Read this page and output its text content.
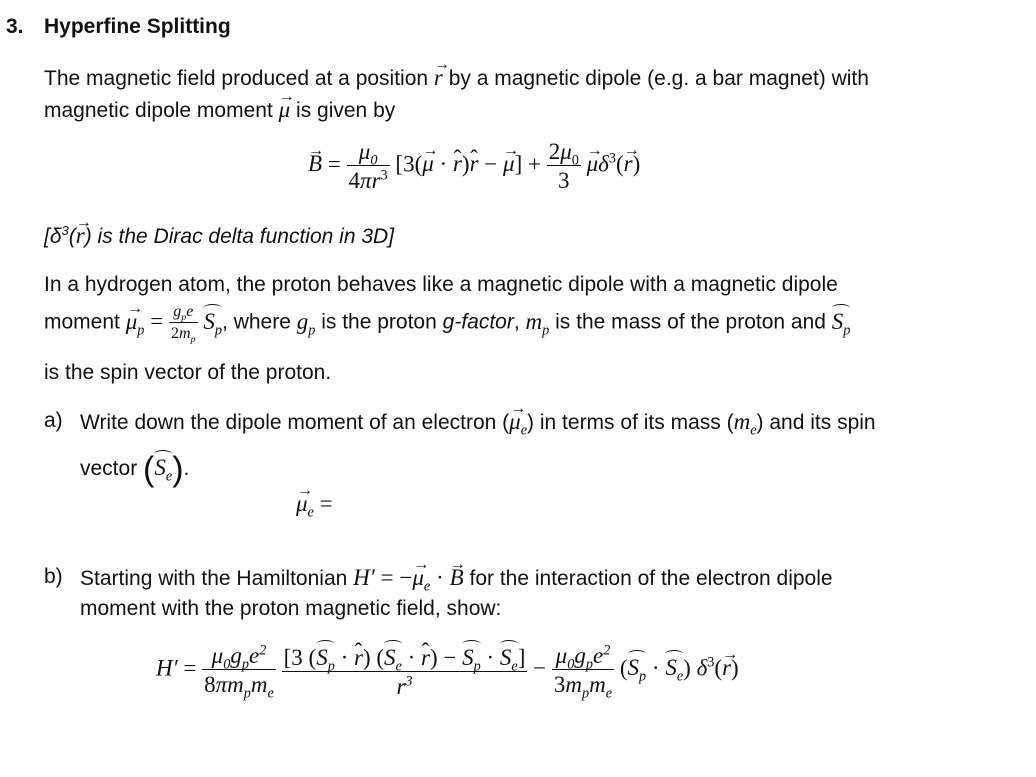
3. Hyperfine Splitting
The magnetic field produced at a position → r by a magnetic dipole (e.g. a bar magnet) with
magnetic dipole moment → μ is given by
→ $B = \frac{\mu_0}{4\pi r^3} [3(\to \mu$ · ˆ r)ˆ r − → $\mu] + \frac{2\mu_0}{3}$
→ $\mu\delta^3(\to r)$
[$\delta^3(\to r)$ is the Dirac delta function in 3D]
In a hydrogen atom, the proton behaves like a magnetic dipole with a magnetic dipole
moment → $\mu_p = \frac{g_pe}{2m_p} S_p$, where $g_p$ is the proton g-factor, $m_p$ is the mass of the proton and $S_p$
is the spin vector of the proton.
a) Write down the dipole moment of an electron (→ $\mu_e$) in terms of its mass $(m_e)$ and its spin
vector $(S_e)$.
→ $\mu_e$ =
b) Starting with the Hamiltonian H′ = −→ $\mu_e$ · → B for the interaction of the electron dipole
moment with the proton magnetic field, show:
$H' = \frac{\mu_0g_pe^2}{8\pi m_pm_e}$
$\frac{[3 (S_p \cdot ˆ r) (S_e \cdot ˆ r) - S_p \cdot S_e]}{r^3} - \frac{\mu_0g_pe^2}{3m_pm_e} (S_p \cdot S_e)$ $\delta^3(\to r)$
